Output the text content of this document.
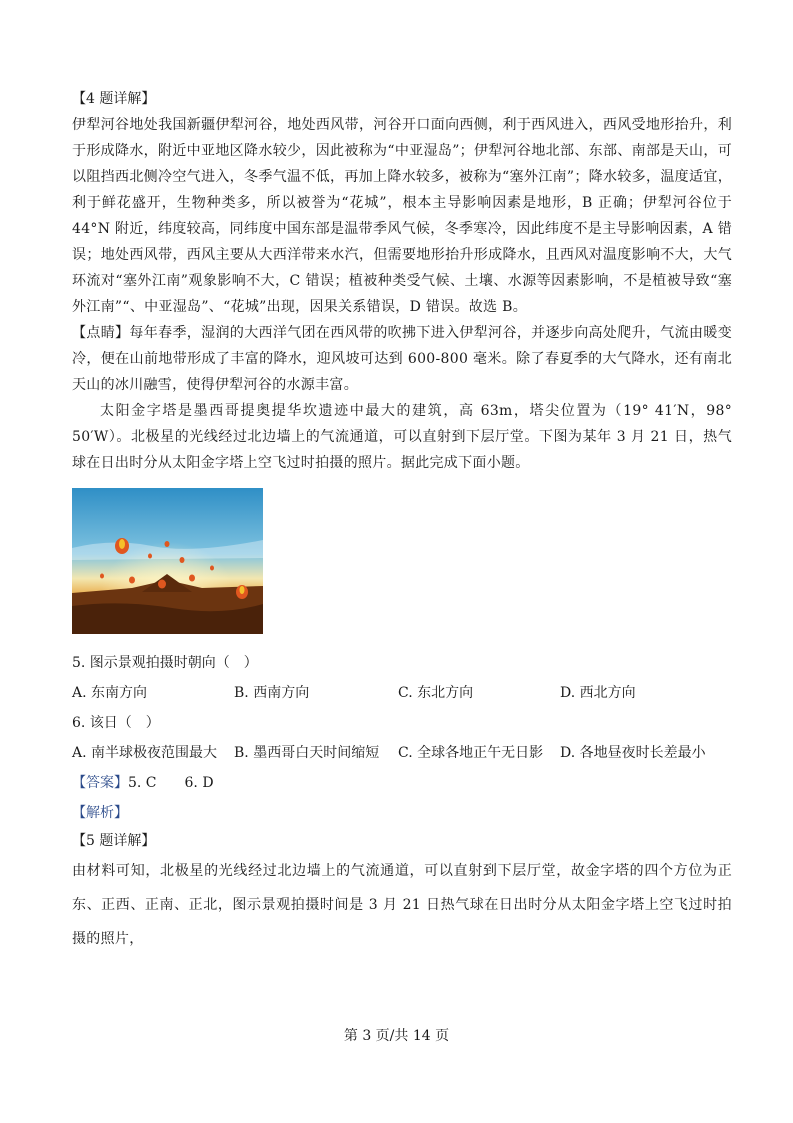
【4 题详解】

伊犁河谷地处我国新疆伊犁河谷，地处西风带，河谷开口面向西侧，利于西风进入，西风受地形抬升，利于形成降水，附近中亚地区降水较少，因此被称为“中亚湿岛”；伊犁河谷地北部、东部、南部是天山，可以阻挡西北侧冷空气进入，冬季气温不低，再加上降水较多，被称为“塞外江南”；降水较多，温度适宜，利于鲜花盛开，生物种类多，所以被誉为“花城”，根本主导影响因素是地形，B 正确；伊犁河谷位于 44°N 附近，纬度较高，同纬度中国东部是温带季风气候，冬季寒冷，因此纬度不是主导影响因素，A 错误；地处西风带，西风主要从大西洋带来水汽，但需要地形抬升形成降水，且西风对温度影响不大，大气环流对“塞外江南”观象影响不大，C 错误；植被种类受气候、土壤、水源等因素影响，不是植被导致“塞外江南”“、中亚湿岛”、“花城”出现，因果关系错误，D 错误。故选 B。

【点睛】每年春季，湿润的大西洋气团在西风带的吹拂下进入伊犁河谷，并逐步向高处爬升，气流由暖变冷，便在山前地带形成了丰富的降水，迎风坡可达到 600-800 毫米。除了春夏季的大气降水，还有南北天山的冰川融雪，使得伊犁河谷的水源丰富。

太阳金字塔是墨西哥提奥提华坎遗迹中最大的建筑，高 63m，塔尖位置为（19° 41′N，98° 50′W）。北极星的光线经过北边墙上的气流通道，可以直射到下层厅堂。下图为某年 3 月 21 日，热气球在日出时分从太阳金字塔上空飞过时拍摄的照片。据此完成下面小题。

5. 图示景观拍摄时朝向（　）

A. 东南方向	B. 西南方向	C. 东北方向	D. 西北方向

6. 该日（　）

A. 南半球极夜范围最大	B. 墨西哥白天时间缩短	C. 全球各地正午无日影	D. 各地昼夜时长差最小

【答案】5. C　　6. D

【解析】

【5 题详解】

由材料可知，北极星的光线经过北边墙上的气流通道，可以直射到下层厅堂，故金字塔的四个方位为正东、正西、正南、正北，图示景观拍摄时间是 3 月 21 日热气球在日出时分从太阳金字塔上空飞过时拍摄的照片，

第 3 页/共 14 页
